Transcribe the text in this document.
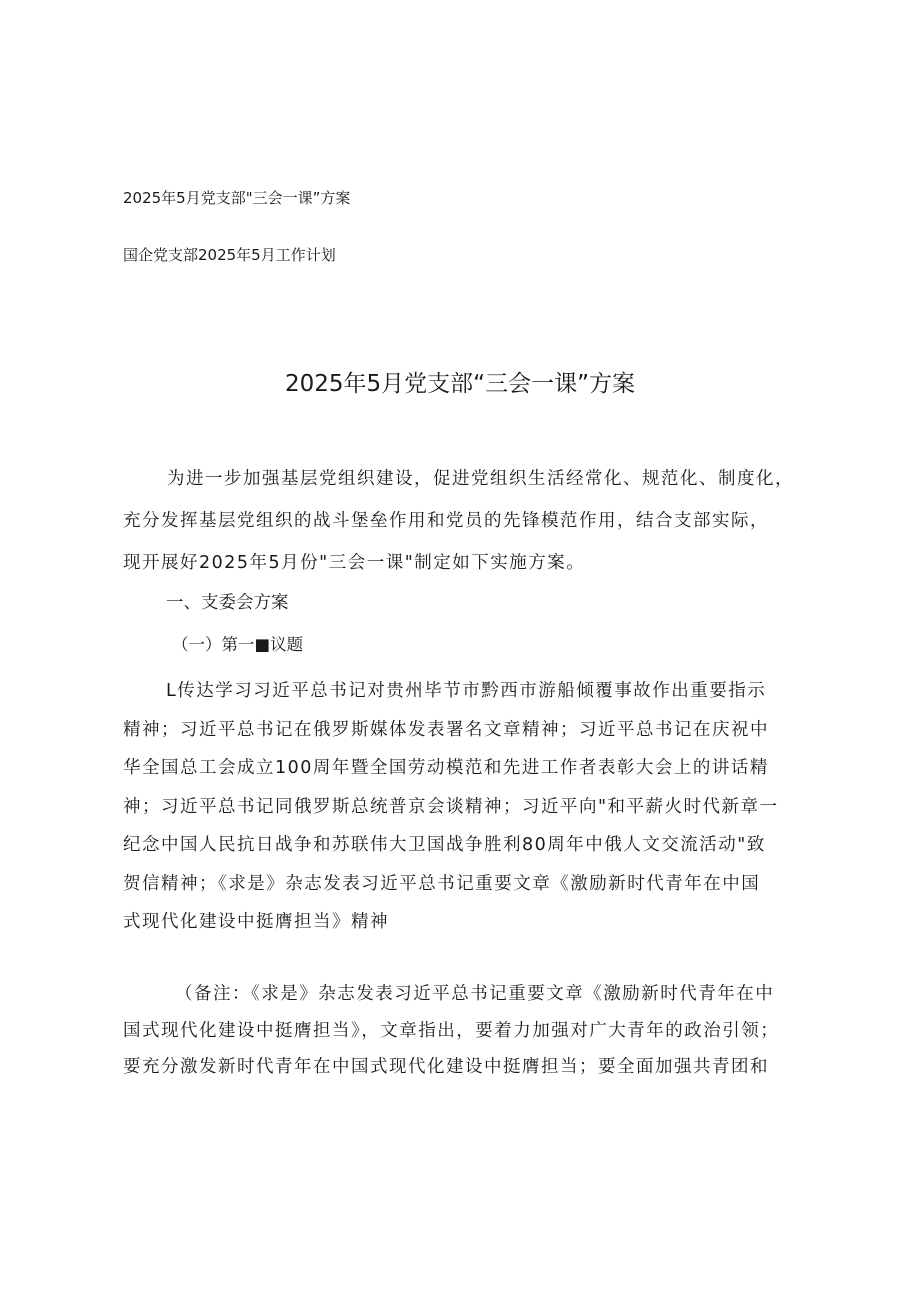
2025年5月党支部"三会一课”方案
国企党支部2025年5月工作计划
2025年5月党支部“三会一课”方案
为进一步加强基层党组织建设，促进党组织生活经常化、规范化、制度化，
充分发挥基层党组织的战斗堡垒作用和党员的先锋模范作用，结合支部实际，
现开展好2025年5月份"三会一课"制定如下实施方案。
一、支委会方案
（一）第一■议题
L传达学习习近平总书记对贵州毕节市黔西市游船倾覆事故作出重要指示
精神；习近平总书记在俄罗斯媒体发表署名文章精神；习近平总书记在庆祝中
华全国总工会成立100周年暨全国劳动模范和先进工作者表彰大会上的讲话精
神；习近平总书记同俄罗斯总统普京会谈精神；习近平向"和平薪火时代新章一
纪念中国人民抗日战争和苏联伟大卫国战争胜利80周年中俄人文交流活动"致
贺信精神；《求是》杂志发表习近平总书记重要文章《激励新时代青年在中国
式现代化建设中挺膺担当》精神
（备注：《求是》杂志发表习近平总书记重要文章《激励新时代青年在中
国式现代化建设中挺膺担当》，文章指出，要着力加强对广大青年的政治引领；
要充分激发新时代青年在中国式现代化建设中挺膺担当；要全面加强共青团和
